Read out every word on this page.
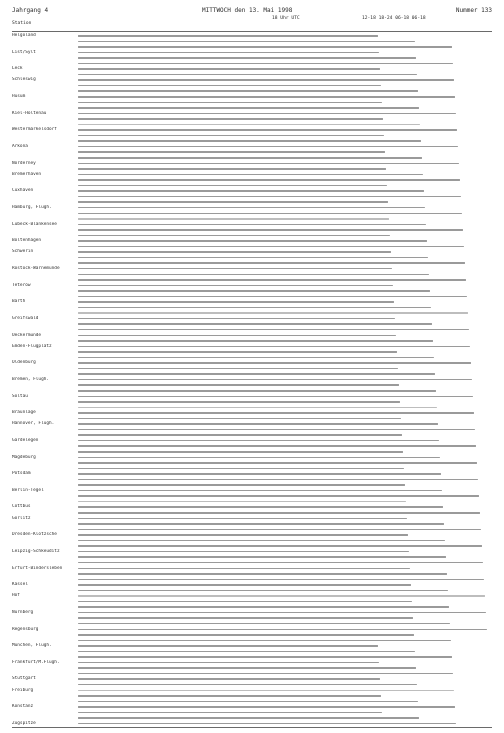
Jahrgang 4	MITTWOCH den 13. Mai 1998	Nummer 133
Station
18 Uhr UTC	12-18 18-24 06-18 06-18
Helgoland
List/Sylt
Leck
Schleswig
Husum
Kiel-Holtenau
Westermarkelsdorf
Arkona
Norderney
Bremerhaven
Cuxhaven
Hamburg, Flugh.
Lübeck-Blankensee
Boltenhagen
Schwerin
Rostock-Warnemünde
Teterow
Barth
Greifswald
Ueckermünde
Emden-Flugplatz
Oldenburg
Bremen, Flugh.
Soltau
Braunlage
Hannover, Flugh.
Gardelegen
Magdeburg
Potsdam
Berlin-Tegel
Cottbus
Görlitz
Dresden-Klotzsche
Leipzig-Schkeuditz
Erfurt-Bindersleben
Kassel
Hof
Nürnberg
Regensburg
München, Flugh.
Frankfurt/M.Flugh.
Stuttgart
Freiburg
Konstanz
Zugspitze
